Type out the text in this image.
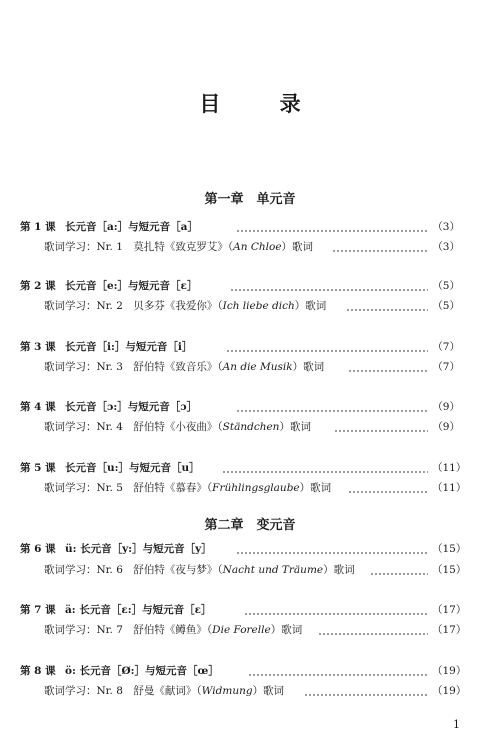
目 录
第一章　单元音
第二章　变元音
第 1 课 长元音［a:］与短元音［a］	（3）
歌词学习：Nr. 1　 莫扎特《致克罗艾》（An Chloe）歌词	（3）
第 2 课 长元音［e:］与短元音［ɛ］	（5）
歌词学习：Nr. 2　 贝多芬《我爱你》（Ich liebe dich）歌词	（5）
第 3 课 长元音［i:］与短元音［i］	（7）
歌词学习：Nr. 3　 舒伯特《致音乐》（An die Musik）歌词	（7）
第 4 课 长元音［ɔ:］与短元音［ɔ］	（9）
歌词学习：Nr. 4　 舒伯特《小夜曲》（Ständchen）歌词	（9）
第 5 课 长元音［u:］与短元音［u］	（11）
歌词学习：Nr. 5　 舒伯特《慕春》（Frühlingsglaube）歌词	（11）
第 6 课 ü: 长元音［y:］与短元音［y］	（15）
歌词学习：Nr. 6　 舒伯特《夜与梦》（Nacht und Träume）歌词	（15）
第 7 课 ä: 长元音［ɛ:］与短元音［ɛ］	（17）
歌词学习：Nr. 7　 舒伯特《鳟鱼》（Die Forelle）歌词	（17）
第 8 课 ö: 长元音［Ø:］与短元音［œ］	（19）
歌词学习：Nr. 8　 舒曼《献词》（Widmung）歌词	（19）
1
